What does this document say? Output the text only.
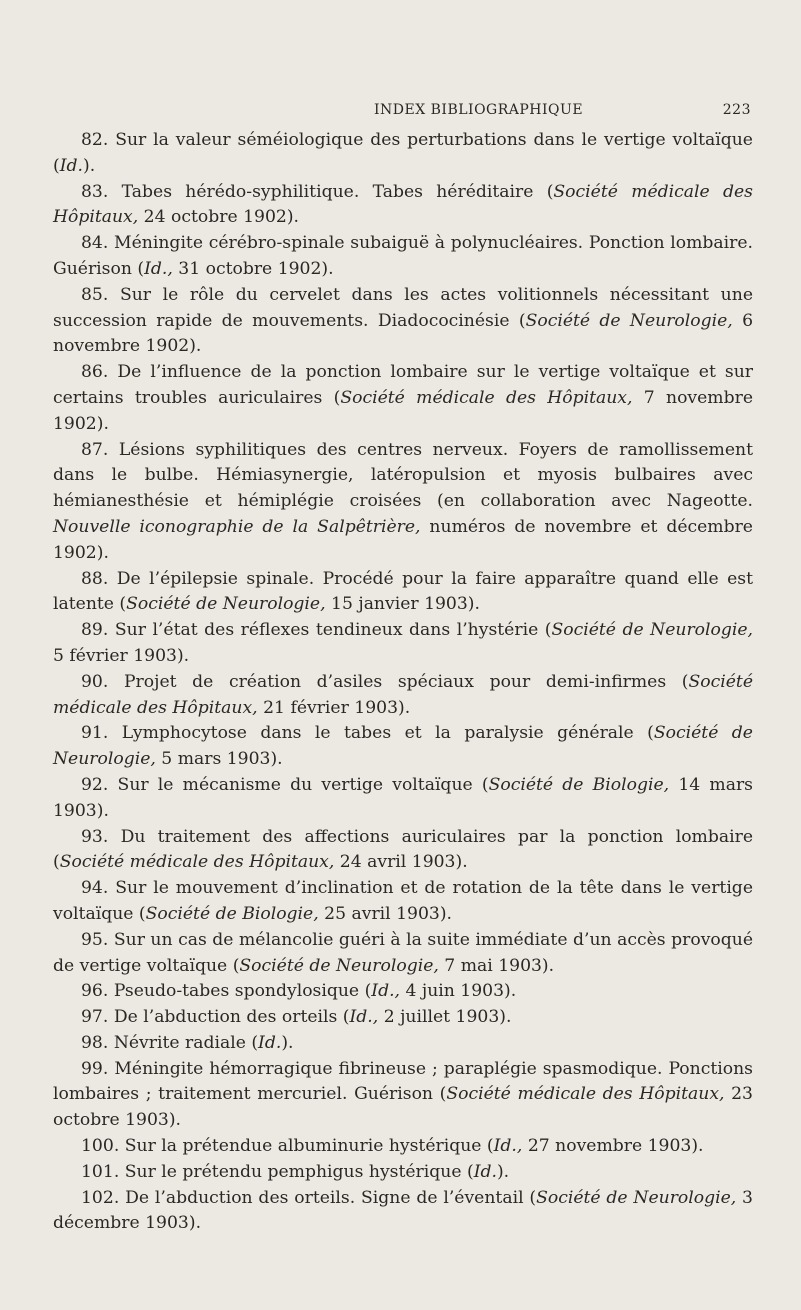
INDEX BIBLIOGRAPHIQUE	223

82. Sur la valeur séméiologique des perturbations dans le vertige voltaïque (Id.).

83. Tabes hérédo-syphilitique. Tabes héréditaire (Société médicale des Hôpitaux, 24 octobre 1902).

84. Méningite cérébro-spinale subaiguë à polynucléaires. Ponction lombaire. Guérison (Id., 31 octobre 1902).

85. Sur le rôle du cervelet dans les actes volitionnels nécessitant une succession rapide de mouvements. Diadococinésie (Société de Neurologie, 6 novembre 1902).

86. De l’influence de la ponction lombaire sur le vertige voltaïque et sur certains troubles auriculaires (Société médicale des Hôpitaux, 7 novembre 1902).

87. Lésions syphilitiques des centres nerveux. Foyers de ramollissement dans le bulbe. Hémiasynergie, latéropulsion et myosis bulbaires avec hémianesthésie et hémiplégie croisées (en collaboration avec Nageotte. Nouvelle iconographie de la Salpêtrière, numéros de novembre et décembre 1902).

88. De l’épilepsie spinale. Procédé pour la faire apparaître quand elle est latente (Société de Neurologie, 15 janvier 1903).

89. Sur l’état des réflexes tendineux dans l’hystérie (Société de Neurologie, 5 février 1903).

90. Projet de création d’asiles spéciaux pour demi-infirmes (Société médicale des Hôpitaux, 21 février 1903).

91. Lymphocytose dans le tabes et la paralysie générale (Société de Neurologie, 5 mars 1903).

92. Sur le mécanisme du vertige voltaïque (Société de Biologie, 14 mars 1903).

93. Du traitement des affections auriculaires par la ponction lombaire (Société médicale des Hôpitaux, 24 avril 1903).

94. Sur le mouvement d’inclination et de rotation de la tête dans le vertige voltaïque (Société de Biologie, 25 avril 1903).

95. Sur un cas de mélancolie guéri à la suite immédiate d’un accès provoqué de vertige voltaïque (Société de Neurologie, 7 mai 1903).

96. Pseudo-tabes spondylosique (Id., 4 juin 1903).

97. De l’abduction des orteils (Id., 2 juillet 1903).

98. Névrite radiale (Id.).

99. Méningite hémorragique fibrineuse ; paraplégie spasmodique. Ponctions lombaires ; traitement mercuriel. Guérison (Société médicale des Hôpitaux, 23 octobre 1903).

100. Sur la prétendue albuminurie hystérique (Id., 27 novembre 1903).

101. Sur le prétendu pemphigus hystérique (Id.).

102. De l’abduction des orteils. Signe de l’éventail (Société de Neurologie, 3 décembre 1903).
